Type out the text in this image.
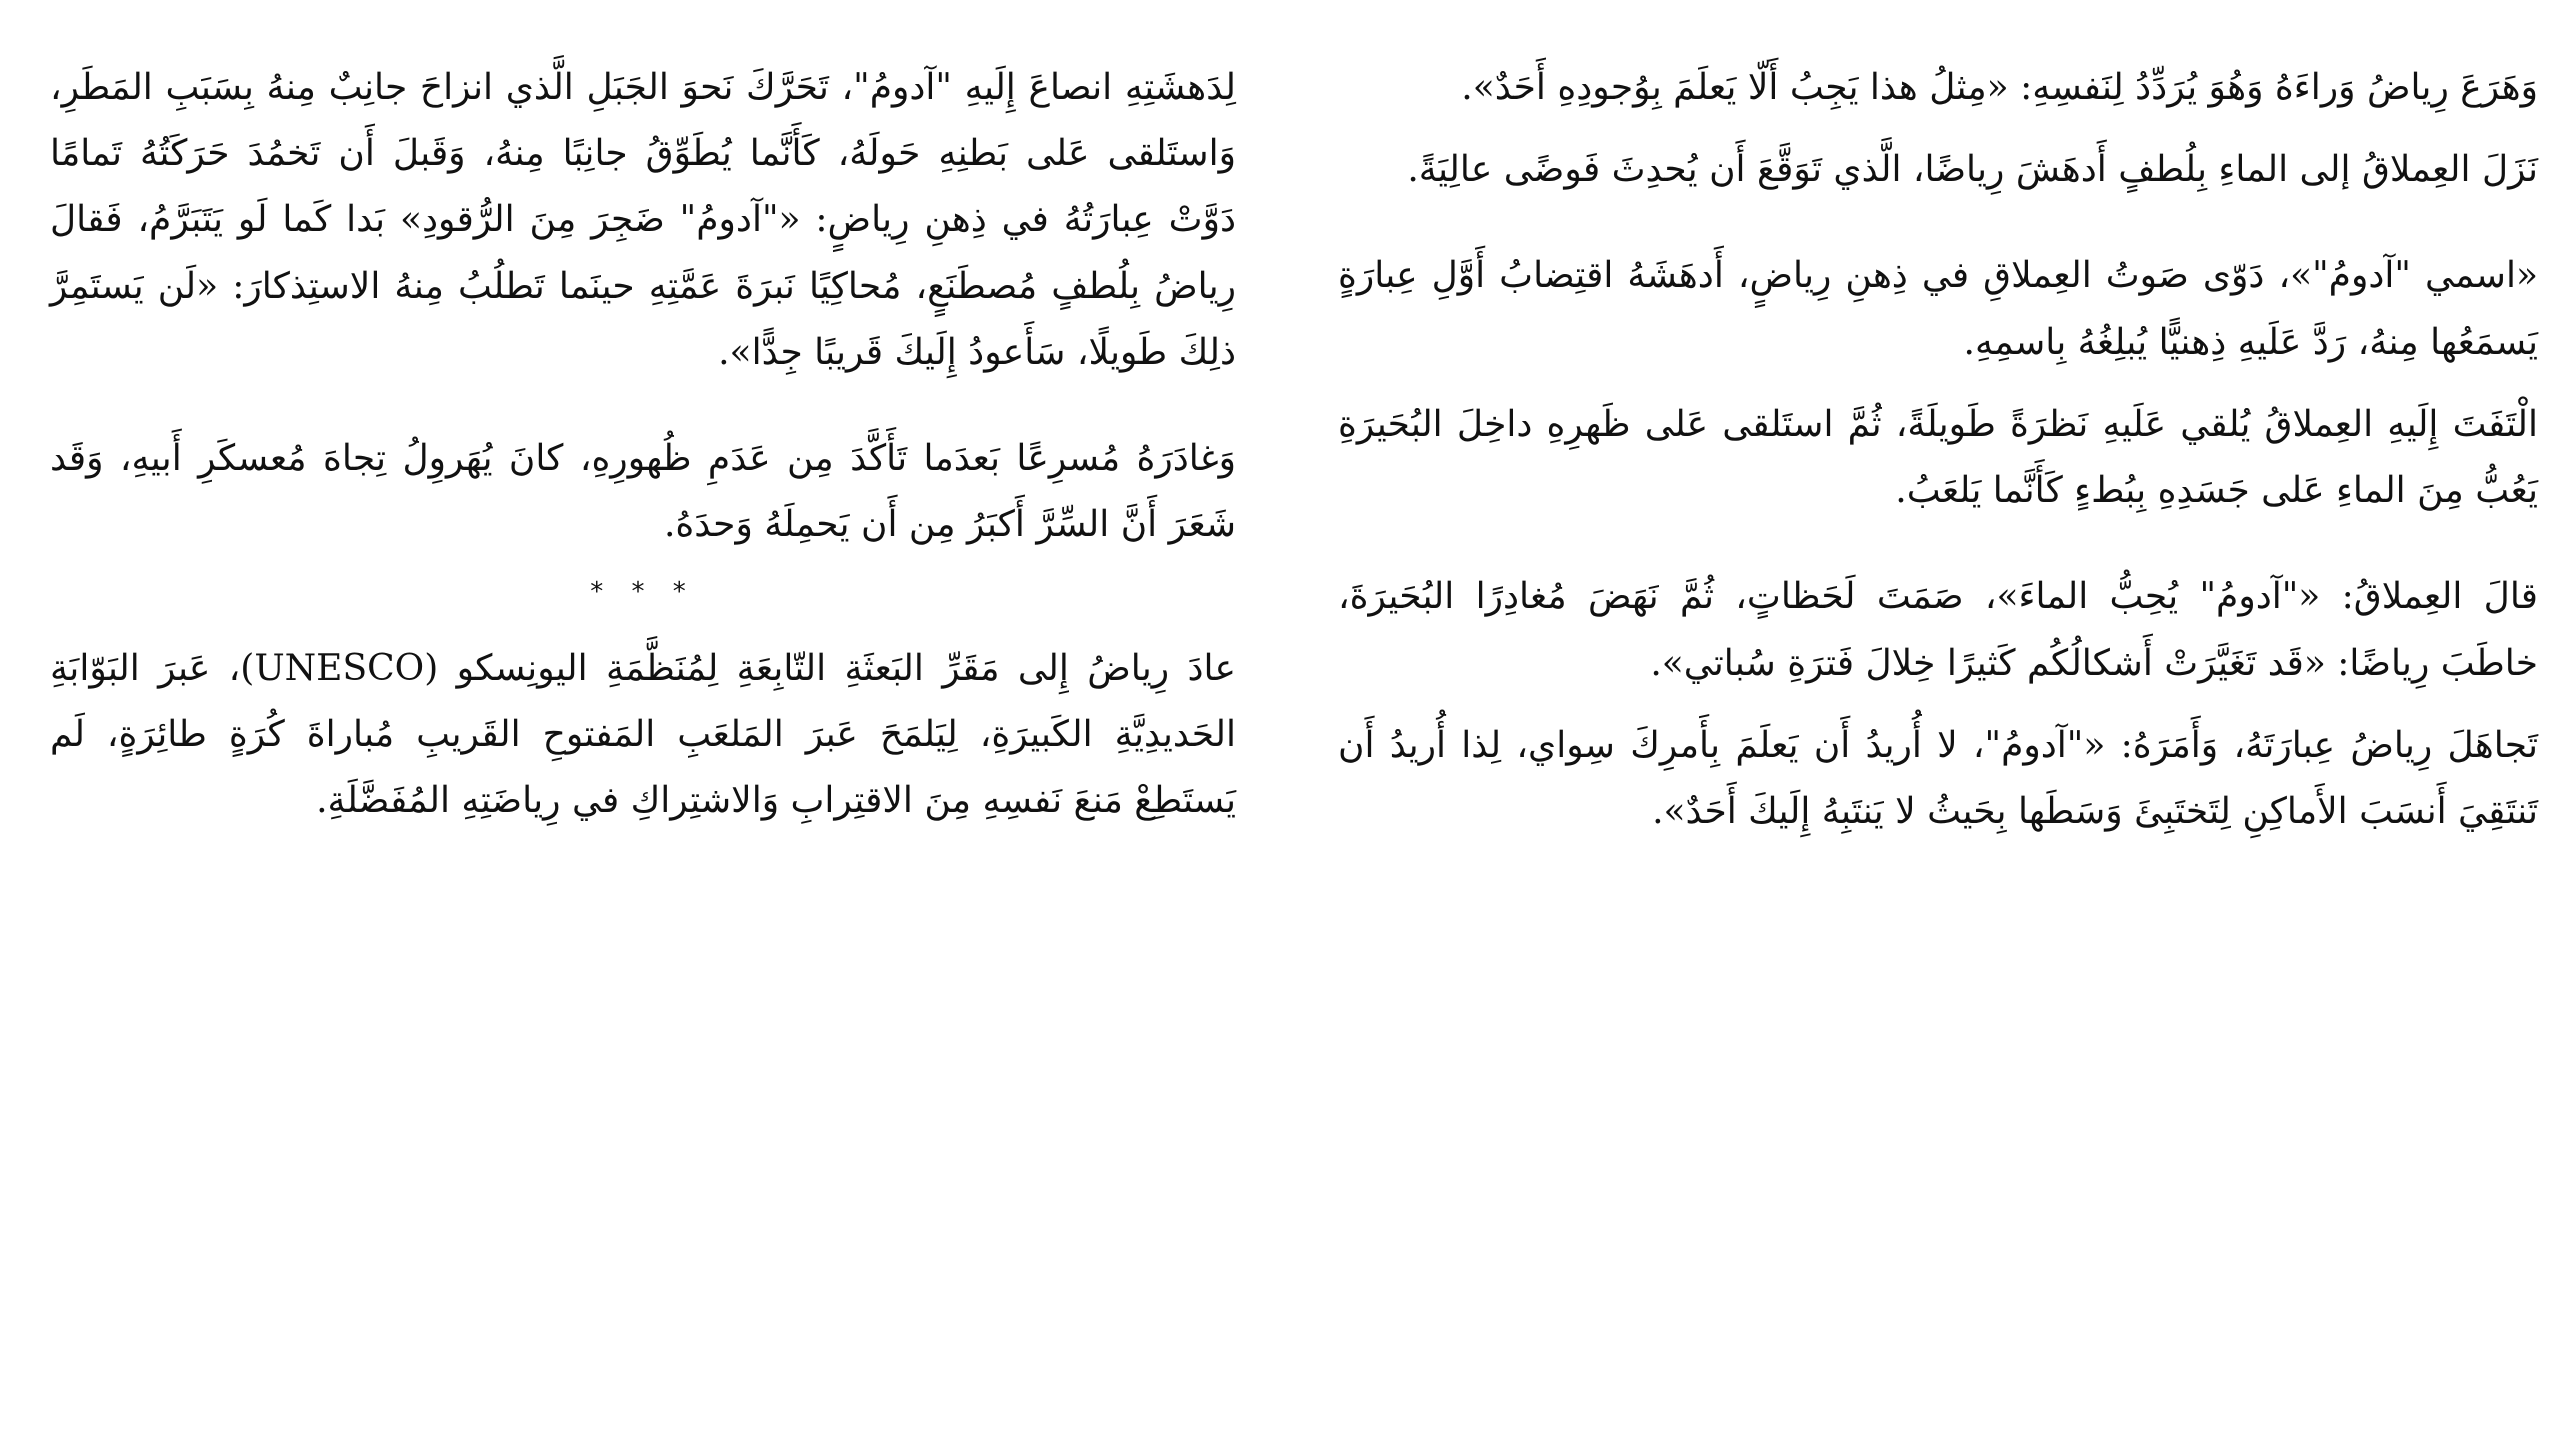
وَهَرَعَ رِياضُ وَراءَهُ وَهُوَ يُرَدِّدُ لِنَفسِهِ: «مِثلُ هذا يَجِبُ أَلّا يَعلَمَ بِوُجودِهِ أَحَدٌ».

نَزَلَ العِملاقُ إلى الماءِ بِلُطفٍ أَدهَشَ رِياضًا، الَّذي تَوَقَّعَ أَن يُحدِثَ فَوضًى عالِيَةً.

«اسمي "آدومُ"»، دَوّى صَوتُ العِملاقِ في ذِهنِ رِياضٍ، أَدهَشَهُ اقتِضابُ أَوَّلِ عِبارَةٍ يَسمَعُها مِنهُ، رَدَّ عَلَيهِ ذِهنيًّا يُبلِغُهُ بِاسمِهِ.

الْتَفَتَ إِلَيهِ العِملاقُ يُلقي عَلَيهِ نَظرَةً طَويلَةً، ثُمَّ استَلقى عَلى ظَهرِهِ داخِلَ البُحَيرَةِ يَعُبُّ مِنَ الماءِ عَلى جَسَدِهِ بِبُطءٍ كَأَنَّما يَلعَبُ.

قالَ العِملاقُ: «"آدومُ" يُحِبُّ الماءَ»، صَمَتَ لَحَظاتٍ، ثُمَّ نَهَضَ مُغادِرًا البُحَيرَةَ، خاطَبَ رِياضًا: «قَد تَغَيَّرَتْ أَشكالُكُم كَثيرًا خِلالَ فَترَةِ سُباتي».

تَجاهَلَ رِياضُ عِبارَتَهُ، وَأَمَرَهُ: «"آدومُ"، لا أُريدُ أَن يَعلَمَ بِأَمرِكَ سِواي، لِذا أُريدُ أَن تَنتَقِيَ أَنسَبَ الأَماكِنِ لِتَختَبِئَ وَسَطَها بِحَيثُ لا يَنتَبِهُ إِلَيكَ أَحَدٌ».

لِدَهشَتِهِ انصاعَ إِلَيهِ "آدومُ"، تَحَرَّكَ نَحوَ الجَبَلِ الَّذي انزاحَ جانِبٌ مِنهُ بِسَبَبِ المَطَرِ، وَاستَلقى عَلى بَطنِهِ حَولَهُ، كَأَنَّما يُطَوِّقُ جانِبًا مِنهُ، وَقَبلَ أَن تَخمُدَ حَرَكَتُهُ تَمامًا دَوَّتْ عِبارَتُهُ في ذِهنِ رِياضٍ: «"آدومُ" ضَجِرَ مِنَ الرُّقودِ» بَدا كَما لَو يَتَبَرَّمُ، فَقالَ رِياضُ بِلُطفٍ مُصطَنَعٍ، مُحاكِيًا نَبرَةَ عَمَّتِهِ حينَما تَطلُبُ مِنهُ الاستِذكارَ: «لَن يَستَمِرَّ ذلِكَ طَويلًا، سَأَعودُ إِلَيكَ قَريبًا جِدًّا».

وَغادَرَهُ مُسرِعًا بَعدَما تَأَكَّدَ مِن عَدَمِ ظُهورِهِ، كانَ يُهَروِلُ تِجاهَ مُعسكَرِ أَبيهِ، وَقَد شَعَرَ أَنَّ السِّرَّ أَكبَرُ مِن أَن يَحمِلَهُ وَحدَهُ.

* * *

عادَ رِياضُ إِلى مَقَرِّ البَعثَةِ التّابِعَةِ لِمُنَظَّمَةِ اليونِسكو (UNESCO)، عَبرَ البَوّابَةِ الحَديدِيَّةِ الكَبيرَةِ، لِيَلمَحَ عَبرَ المَلعَبِ المَفتوحِ القَريبِ مُباراةَ كُرَةٍ طائِرَةٍ، لَم يَستَطِعْ مَنعَ نَفسِهِ مِنَ الاقتِرابِ وَالاشتِراكِ في رِياضَتِهِ المُفَضَّلَةِ.
